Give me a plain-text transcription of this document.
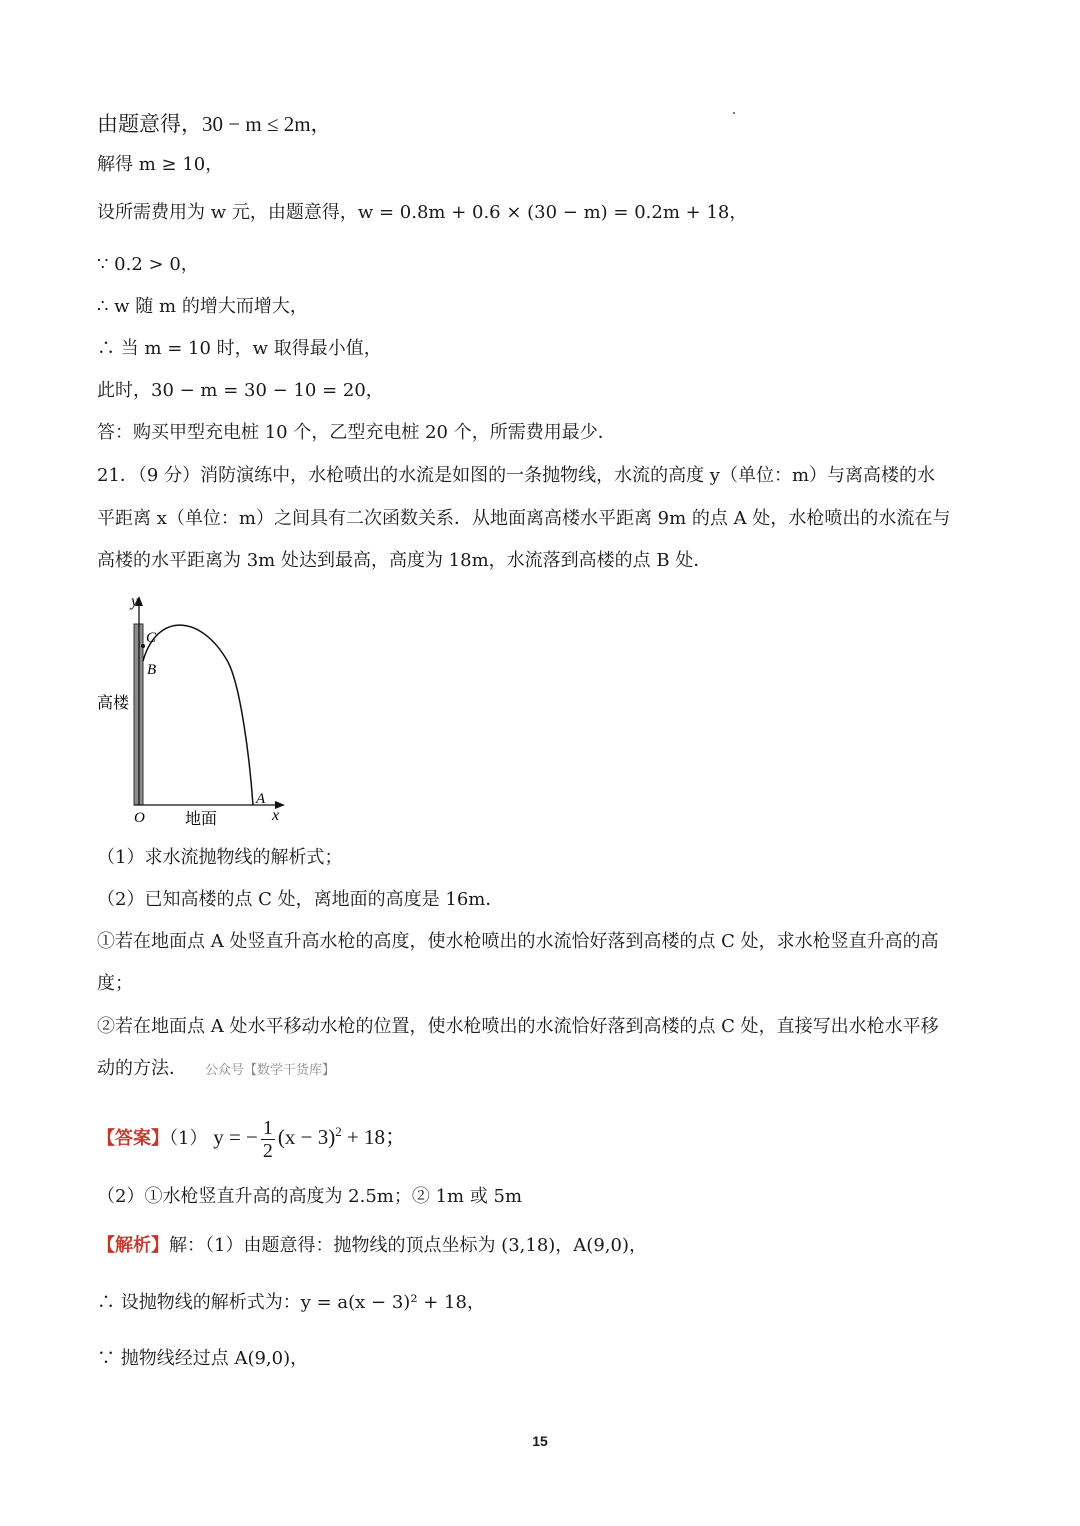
由题意得，30 − m ≤ 2m，
解得 m ≥ 10，
设所需费用为 w 元，由题意得，w = 0.8m + 0.6 × (30 − m) = 0.2m + 18，
∵ 0.2 > 0，
∴ w 随 m 的增大而增大，
∴ 当 m = 10 时，w 取得最小值，
此时，30 − m = 30 − 10 = 20，
答：购买甲型充电桩 10 个，乙型充电桩 20 个，所需费用最少．
21．（9 分）消防演练中，水枪喷出的水流是如图的一条抛物线，水流的高度 y（单位：m）与离高楼的水
平距离 x（单位：m）之间具有二次函数关系．从地面离高楼水平距离 9m 的点 A 处，水枪喷出的水流在与
高楼的水平距离为 3m 处达到最高，高度为 18m，水流落到高楼的点 B 处．
y
C
B
高楼
A
O	地面	x
（1）求水流抛物线的解析式；
（2）已知高楼的点 C 处，离地面的高度是 16m．
①若在地面点 A 处竖直升高水枪的高度，使水枪喷出的水流恰好落到高楼的点 C 处，求水枪竖直升高的高
度；
②若在地面点 A 处水平移动水枪的位置，使水枪喷出的水流恰好落到高楼的点 C 处，直接写出水枪水平移
动的方法． 公众号【数学干货库】
【答案】（1） y = − $\frac{1}{2} (x - 3)^2 + 18$；
（2）①水枪竖直升高的高度为 2.5m；② 1m 或 5m
【解析】解：（1）由题意得：抛物线的顶点坐标为 (3,18)，A(9,0)，
∴ 设抛物线的解析式为：y = a(x − 3)² + 18，
∵ 抛物线经过点 A(9,0)，
15
